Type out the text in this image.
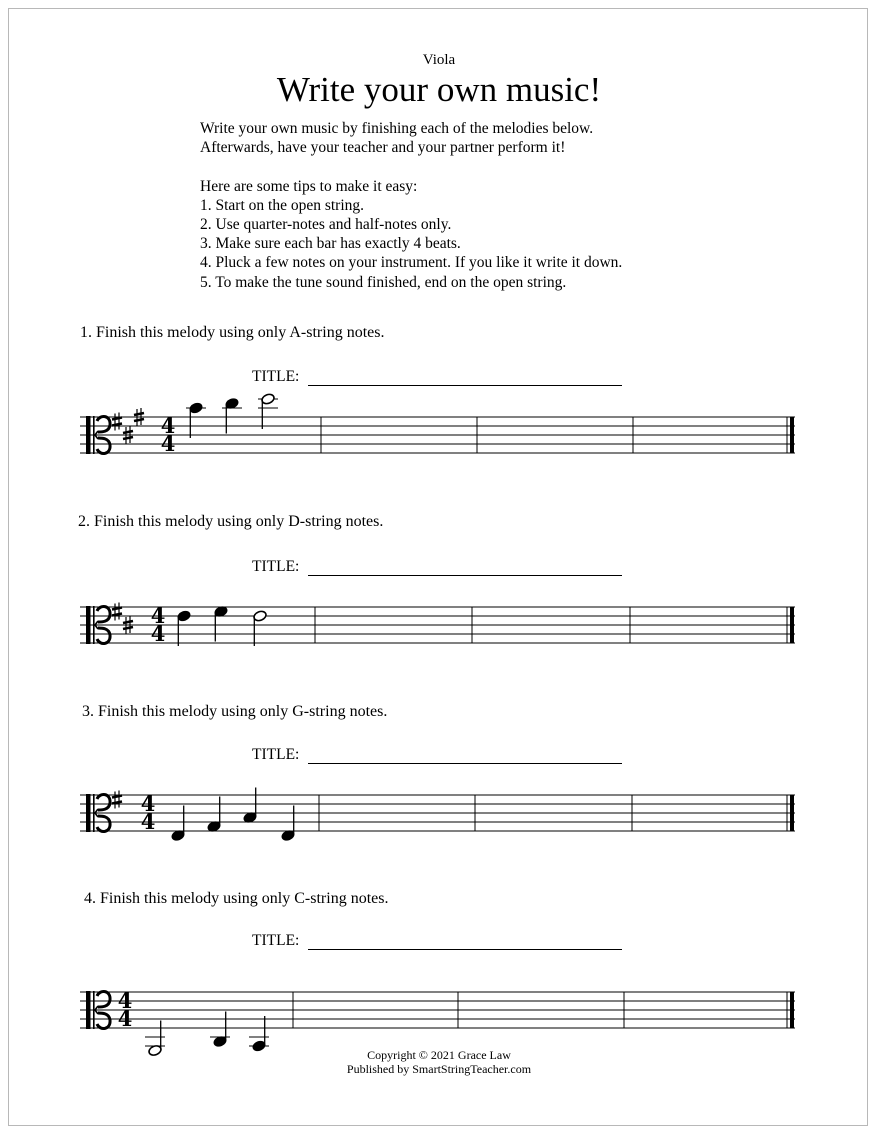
Viola
Write your own music!
Write your own music by finishing each of the melodies below.
Afterwards, have your teacher and your partner perform it!
Here are some tips to make it easy:
1. Start on the open string.
2. Use quarter-notes and half-notes only.
3. Make sure each bar has exactly 4 beats.
4. Pluck a few notes on your instrument. If you like it write it down.
5. To make the tune sound finished, end on the open string.
1. Finish this melody using only A-string notes.
TITLE:
4
4
2. Finish this melody using only D-string notes.
TITLE:
4
4
3. Finish this melody using only G-string notes.
TITLE:
4
4
4. Finish this melody using only C-string notes.
TITLE:
4
4
Copyright © 2021 Grace Law
Published by SmartStringTeacher.com
